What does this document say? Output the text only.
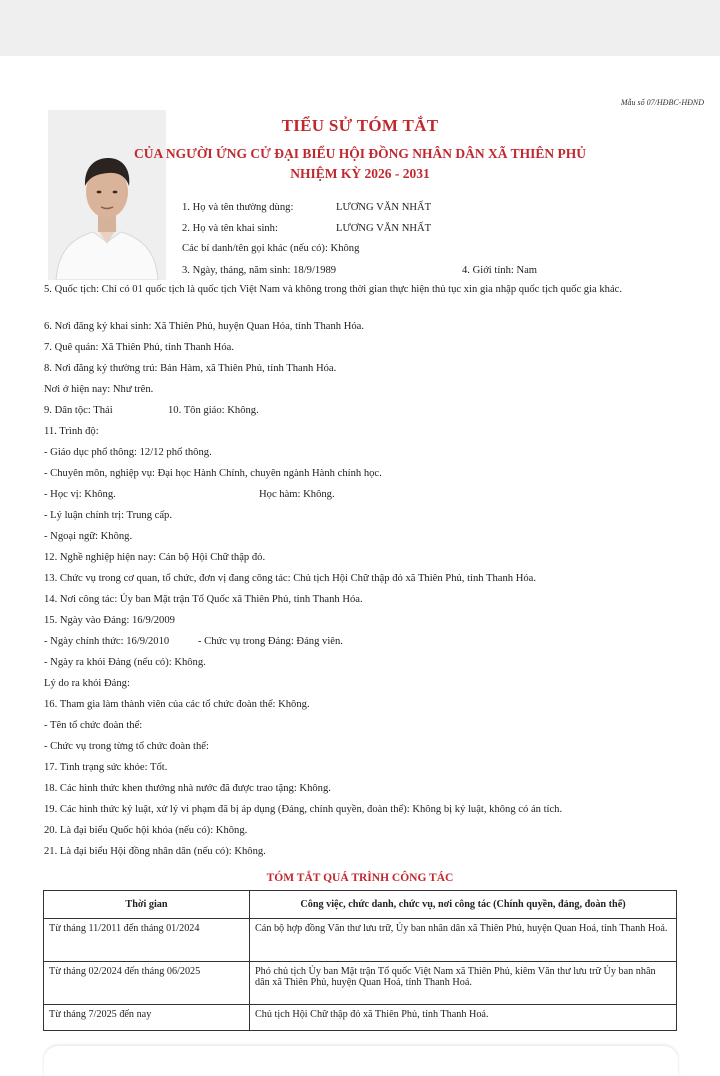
Mẫu số 07/HĐBC-HĐND
TIỂU SỬ TÓM TẮT
CỦA NGƯỜI ỨNG CỬ ĐẠI BIỂU HỘI ĐỒNG NHÂN DÂN XÃ THIÊN PHỦ
NHIỆM KỲ 2026 - 2031
1. Họ và tên thường dùng:	LƯƠNG VĂN NHẤT
2. Họ và tên khai sinh:	LƯƠNG VĂN NHẤT
Các bí danh/tên gọi khác (nếu có): Không
3. Ngày, tháng, năm sinh: 18/9/1989	4. Giới tính: Nam
5. Quốc tịch: Chỉ có 01 quốc tịch là quốc tịch Việt Nam và không trong thời gian thực hiện thủ tục xin gia nhập quốc tịch quốc gia khác.
6. Nơi đăng ký khai sinh: Xã Thiên Phủ, huyện Quan Hóa, tỉnh Thanh Hóa.
7. Quê quán: Xã Thiên Phủ, tỉnh Thanh Hóa.
8. Nơi đăng ký thường trú: Bản Hàm, xã Thiên Phủ, tỉnh Thanh Hóa.
Nơi ở hiện nay: Như trên.
9. Dân tộc: Thái	10. Tôn giáo: Không.
11. Trình độ:
- Giáo dục phổ thông: 12/12 phổ thông.
- Chuyên môn, nghiệp vụ: Đại học Hành Chính, chuyên ngành Hành chính học.
- Học vị: Không.	Học hàm: Không.
- Lý luận chính trị: Trung cấp.
- Ngoại ngữ: Không.
12. Nghề nghiệp hiện nay: Cán bộ Hội Chữ thập đỏ.
13. Chức vụ trong cơ quan, tổ chức, đơn vị đang công tác: Chủ tịch Hội Chữ thập đỏ xã Thiên Phủ, tỉnh Thanh Hóa.
14. Nơi công tác: Ủy ban Mặt trận Tổ Quốc xã Thiên Phủ, tỉnh Thanh Hóa.
15. Ngày vào Đảng: 16/9/2009
- Ngày chính thức: 16/9/2010	- Chức vụ trong Đảng: Đảng viên.
- Ngày ra khỏi Đảng (nếu có): Không.
Lý do ra khỏi Đảng:
16. Tham gia làm thành viên của các tổ chức đoàn thể: Không.
- Tên tổ chức đoàn thể:
- Chức vụ trong từng tổ chức đoàn thể:
17. Tình trạng sức khỏe: Tốt.
18. Các hình thức khen thưởng nhà nước đã được trao tặng: Không.
19. Các hình thức kỷ luật, xử lý vi phạm đã bị áp dụng (Đảng, chính quyền, đoàn thể): Không bị kỷ luật, không có án tích.
20. Là đại biểu Quốc hội khóa (nếu có): Không.
21. Là đại biểu Hội đồng nhân dân (nếu có): Không.
TÓM TẮT QUÁ TRÌNH CÔNG TÁC
Thời gian	Công việc, chức danh, chức vụ, nơi công tác (Chính quyền, đảng, đoàn thể)
Từ tháng 11/2011 đến tháng 01/2024	Cán bộ hợp đồng Văn thư lưu trữ, Ủy ban nhân dân xã Thiên Phủ, huyện Quan Hoá, tỉnh Thanh Hoá.
Từ tháng 02/2024 đến tháng 06/2025	Phó chủ tịch Ủy ban Mặt trận Tổ quốc Việt Nam xã Thiên Phủ, kiêm Văn thư lưu trữ Ủy ban nhân dân xã Thiên Phủ, huyện Quan Hoá, tỉnh Thanh Hoá.
Từ tháng 7/2025 đến nay	Chủ tịch Hội Chữ thập đỏ xã Thiên Phủ, tỉnh Thanh Hoá.
